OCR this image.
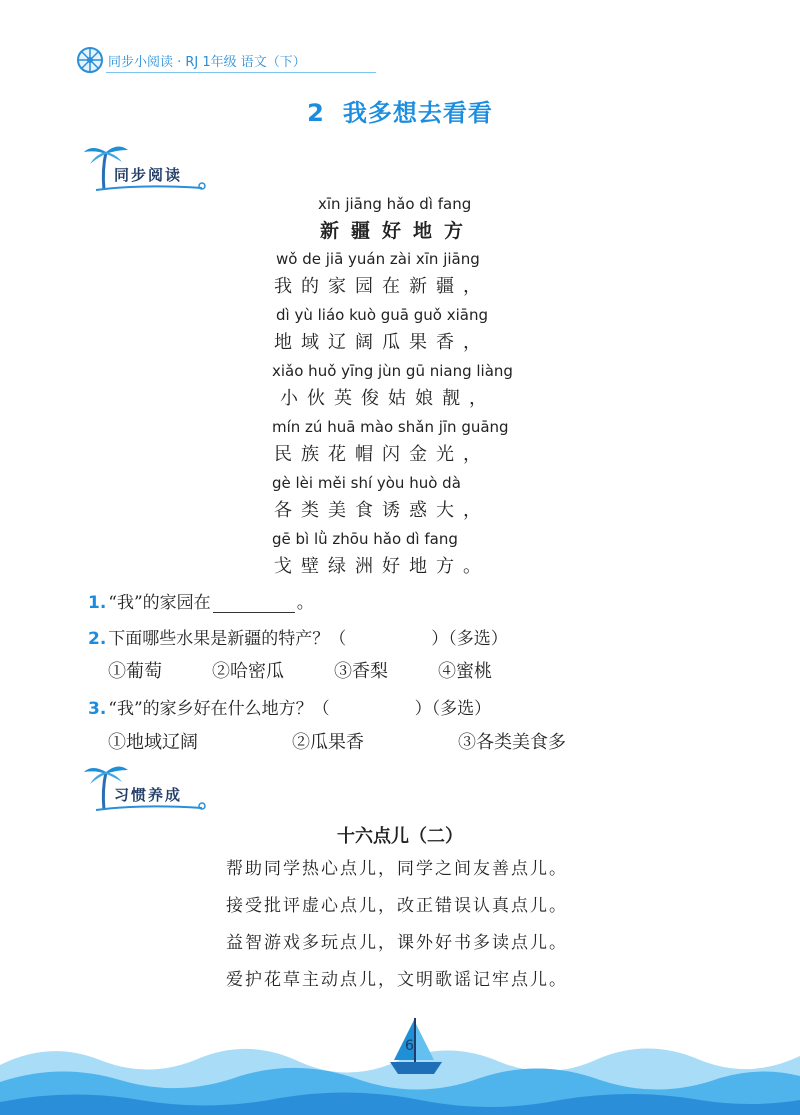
同步小阅读 · RJ 1年级 语文（下）
2 我多想去看看
同步阅读
xīn jiāng hǎo dì fang
新疆好地方
wǒ de jiā yuán zài xīn jiāng
我的家园在新疆，
dì yù liáo kuò guā guǒ xiāng
地域辽阔瓜果香，
xiǎo huǒ yīng jùn gū niang liàng
小伙英俊姑娘靓，
mín zú huā mào shǎn jīn guāng
民族花帽闪金光，
gè lèi měi shí yòu huò dà
各类美食诱惑大，
gē bì lǜ zhōu hǎo dì fang
戈壁绿洲好地方。
1. “我”的家园在	。
2. 下面哪些水果是新疆的特产？（　　　　　）（多选）
①葡萄	②哈密瓜	③香梨	④蜜桃
3. “我”的家乡好在什么地方？（　　　　　）（多选）
①地域辽阔	②瓜果香	③各类美食多
习惯养成
十六点儿（二）
帮助同学热心点儿，同学之间友善点儿。
接受批评虚心点儿，改正错误认真点儿。
益智游戏多玩点儿，课外好书多读点儿。
爱护花草主动点儿，文明歌谣记牢点儿。
6
